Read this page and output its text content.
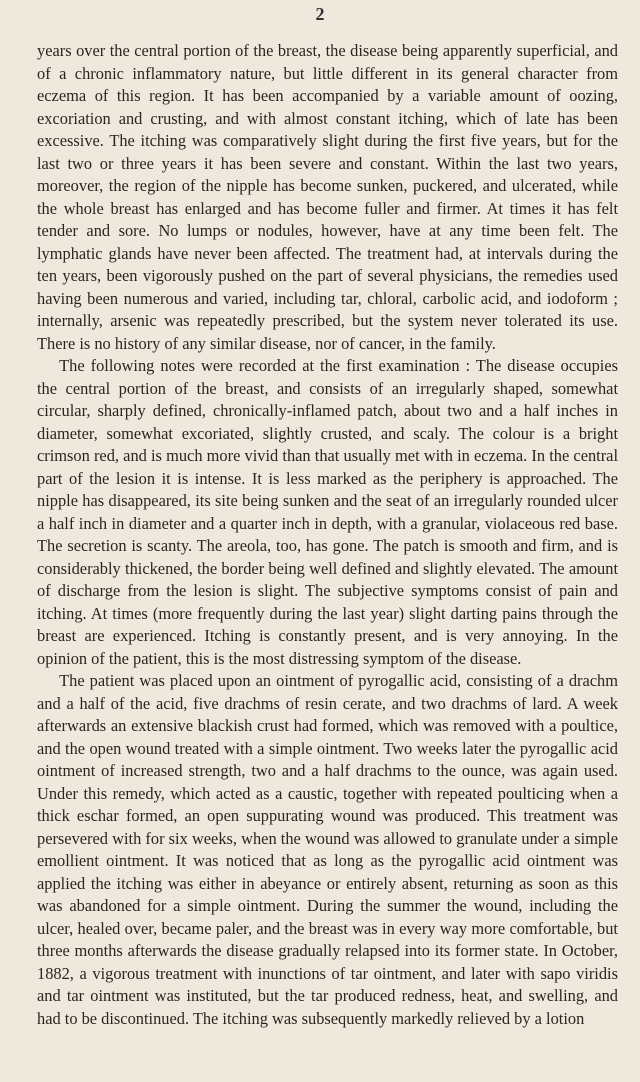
2

years over the central portion of the breast, the disease being apparently superficial, and of a chronic inflammatory nature, but little different in its general character from eczema of this region. It has been accompanied by a variable amount of oozing, excoriation and crusting, and with almost constant itching, which of late has been excessive. The itching was comparatively slight during the first five years, but for the last two or three years it has been severe and constant. Within the last two years, moreover, the region of the nipple has become sunken, puckered, and ulcerated, while the whole breast has enlarged and has become fuller and firmer. At times it has felt tender and sore. No lumps or nodules, however, have at any time been felt. The lymphatic glands have never been affected. The treatment had, at intervals during the ten years, been vigorously pushed on the part of several physicians, the remedies used having been numerous and varied, including tar, chloral, carbolic acid, and iodoform ; internally, arsenic was repeatedly prescribed, but the system never tolerated its use. There is no history of any similar disease, nor of cancer, in the family.

The following notes were recorded at the first examination : The disease occupies the central portion of the breast, and consists of an irregularly shaped, somewhat circular, sharply defined, chronically-inflamed patch, about two and a half inches in diameter, somewhat excoriated, slightly crusted, and scaly. The colour is a bright crimson red, and is much more vivid than that usually met with in eczema. In the central part of the lesion it is intense. It is less marked as the periphery is approached. The nipple has disappeared, its site being sunken and the seat of an irregularly rounded ulcer a half inch in diameter and a quarter inch in depth, with a granular, violaceous red base. The secretion is scanty. The areola, too, has gone. The patch is smooth and firm, and is considerably thickened, the border being well defined and slightly elevated. The amount of discharge from the lesion is slight. The subjective symptoms consist of pain and itching. At times (more frequently during the last year) slight darting pains through the breast are experienced. Itching is constantly present, and is very annoying. In the opinion of the patient, this is the most distressing symptom of the disease.

The patient was placed upon an ointment of pyrogallic acid, consisting of a drachm and a half of the acid, five drachms of resin cerate, and two drachms of lard. A week afterwards an extensive blackish crust had formed, which was removed with a poultice, and the open wound treated with a simple ointment. Two weeks later the pyrogallic acid ointment of increased strength, two and a half drachms to the ounce, was again used. Under this remedy, which acted as a caustic, together with repeated poulticing when a thick eschar formed, an open suppurating wound was produced. This treatment was persevered with for six weeks, when the wound was allowed to granulate under a simple emollient ointment. It was noticed that as long as the pyrogallic acid ointment was applied the itching was either in abeyance or entirely absent, returning as soon as this was abandoned for a simple ointment. During the summer the wound, including the ulcer, healed over, became paler, and the breast was in every way more comfortable, but three months afterwards the disease gradually relapsed into its former state. In October, 1882, a vigorous treatment with inunctions of tar ointment, and later with sapo viridis and tar ointment was instituted, but the tar produced redness, heat, and swelling, and had to be discontinued. The itching was subsequently markedly relieved by a lotion
